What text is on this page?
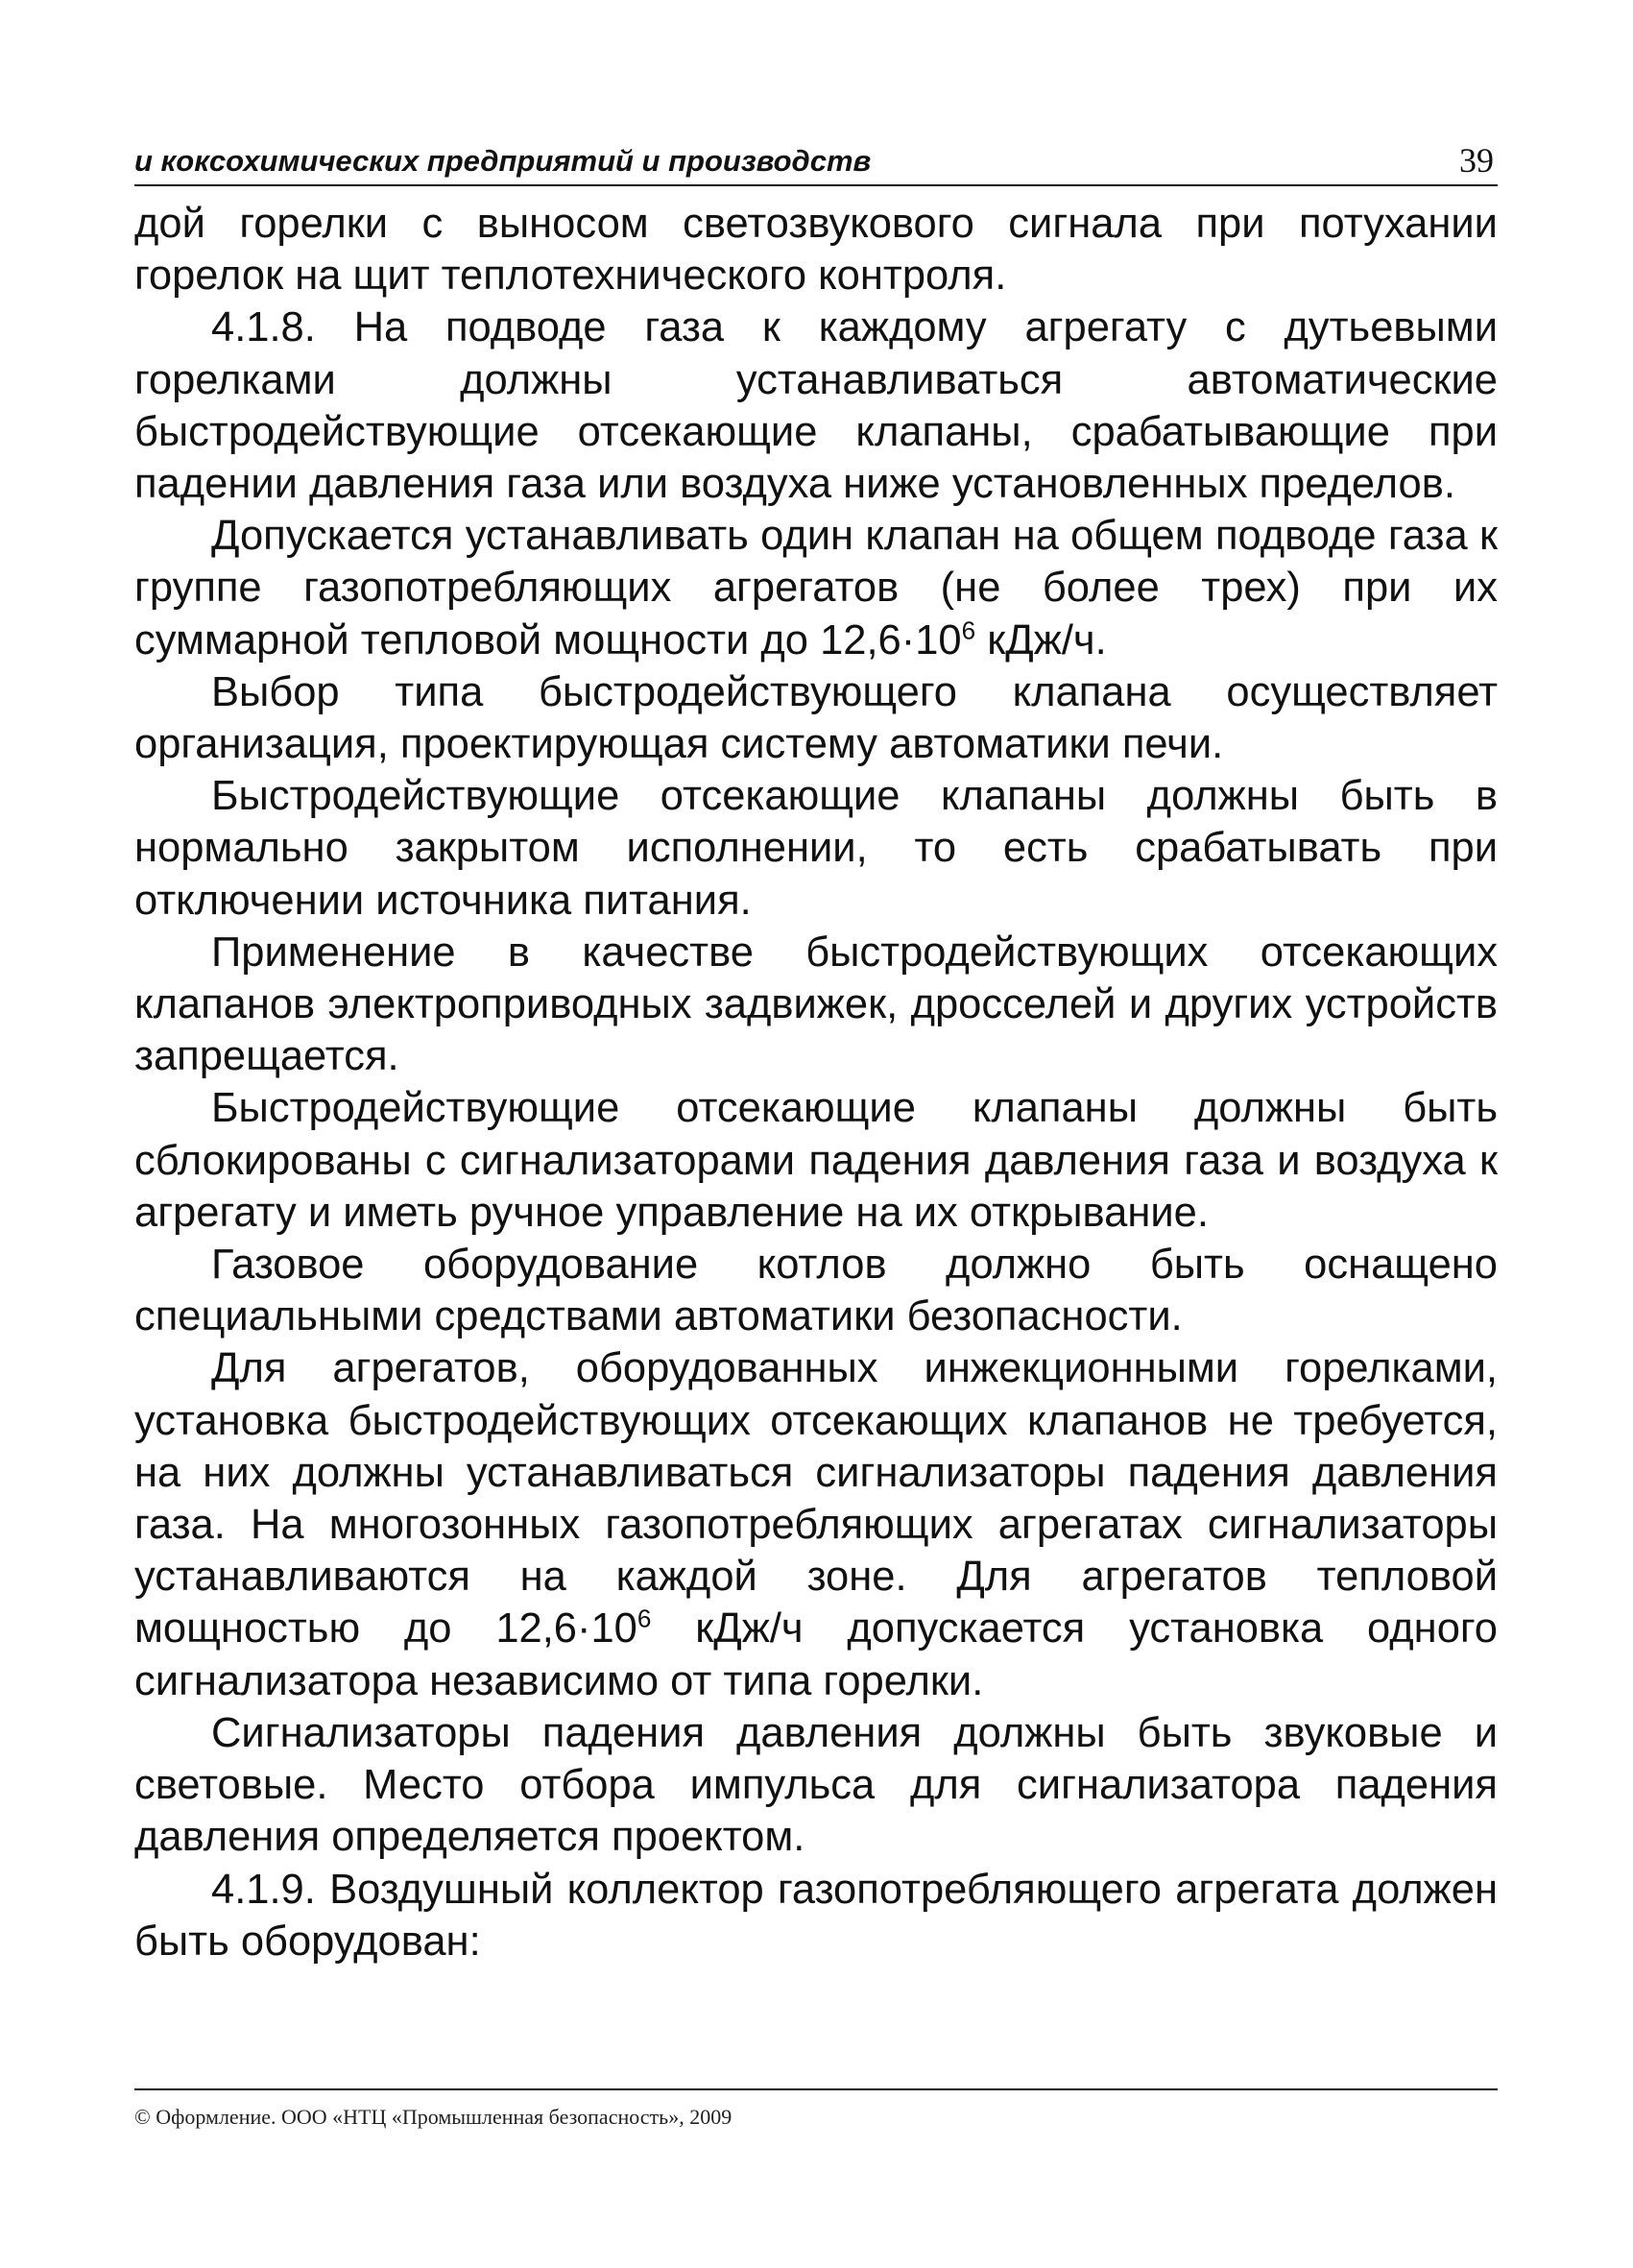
и коксохимических предприятий и производств	39

дой горелки с выносом светозвукового сигнала при потухании горелок на щит теплотехнического контроля.

4.1.8. На подводе газа к каждому агрегату с дутьевыми горелками должны устанавливаться автоматические быстродействующие отсекающие клапаны, срабатывающие при падении давления газа или воздуха ниже установленных пределов.

Допускается устанавливать один клапан на общем подводе газа к группе газопотребляющих агрегатов (не более трех) при их суммарной тепловой мощности до $12,6\cdot 10^6$ кДж/ч.

Выбор типа быстродействующего клапана осуществляет организация, проектирующая систему автоматики печи.

Быстродействующие отсекающие клапаны должны быть в нормально закрытом исполнении, то есть срабатывать при отключении источника питания.

Применение в качестве быстродействующих отсекающих клапанов электроприводных задвижек, дросселей и других устройств запрещается.

Быстродействующие отсекающие клапаны должны быть сблокированы с сигнализаторами падения давления газа и воздуха к агрегату и иметь ручное управление на их открывание.

Газовое оборудование котлов должно быть оснащено специальными средствами автоматики безопасности.

Для агрегатов, оборудованных инжекционными горелками, установка быстродействующих отсекающих клапанов не требуется, на них должны устанавливаться сигнализаторы падения давления газа. На многозонных газопотребляющих агрегатах сигнализаторы устанавливаются на каждой зоне. Для агрегатов тепловой мощностью до $12,6\cdot 10^6$ кДж/ч допускается установка одного сигнализатора независимо от типа горелки.

Сигнализаторы падения давления должны быть звуковые и световые. Место отбора импульса для сигнализатора падения давления определяется проектом.

4.1.9. Воздушный коллектор газопотребляющего агрегата должен быть оборудован:

© Оформление. ООО «НТЦ «Промышленная безопасность», 2009
